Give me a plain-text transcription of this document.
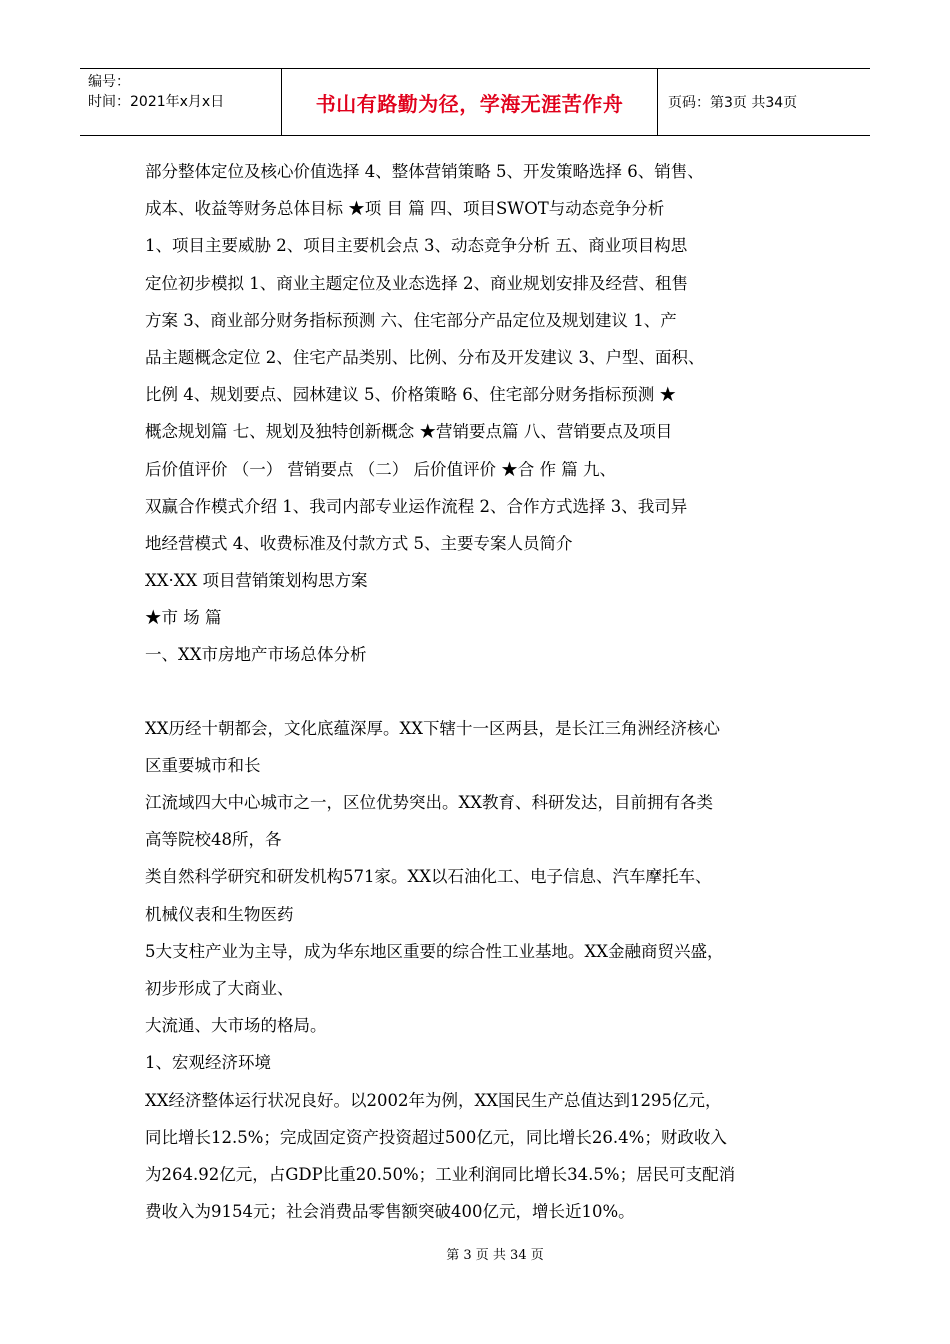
编号：
时间：2021年x月x日	书山有路勤为径，学海无涯苦作舟	页码：第3页 共34页
部分整体定位及核心价值选择 4、整体营销策略 5、开发策略选择 6、销售、
成本、收益等财务总体目标 ★项 目 篇 四、项目SWOT与动态竞争分析
1、项目主要威胁 2、项目主要机会点 3、动态竞争分析 五、商业项目构思
定位初步模拟 1、商业主题定位及业态选择 2、商业规划安排及经营、租售
方案 3、商业部分财务指标预测 六、住宅部分产品定位及规划建议 1、产
品主题概念定位 2、住宅产品类别、比例、分布及开发建议 3、户型、面积、
比例 4、规划要点、园林建议 5、价格策略 6、住宅部分财务指标预测 ★
概念规划篇 七、规划及独特创新概念 ★营销要点篇 八、营销要点及项目
后价值评价 （一） 营销要点 （二） 后价值评价 ★合 作 篇 九、
双赢合作模式介绍 1、我司内部专业运作流程 2、合作方式选择 3、我司异
地经营模式 4、收费标准及付款方式 5、主要专案人员简介
XX·XX 项目营销策划构思方案
★市 场 篇
一、XX市房地产市场总体分析
XX历经十朝都会，文化底蕴深厚。XX下辖十一区两县，是长江三角洲经济核心
区重要城市和长
江流域四大中心城市之一，区位优势突出。XX教育、科研发达，目前拥有各类
高等院校48所，各
类自然科学研究和研发机构571家。XX以石油化工、电子信息、汽车摩托车、
机械仪表和生物医药
5大支柱产业为主导，成为华东地区重要的综合性工业基地。XX金融商贸兴盛，
初步形成了大商业、
大流通、大市场的格局。
1、宏观经济环境
XX经济整体运行状况良好。以2002年为例，XX国民生产总值达到1295亿元，
同比增长12.5%；完成固定资产投资超过500亿元，同比增长26.4%；财政收入
为264.92亿元，占GDP比重20.50%；工业利润同比增长34.5%；居民可支配消
费收入为9154元；社会消费品零售额突破400亿元，增长近10%。
第 3 页 共 34 页
